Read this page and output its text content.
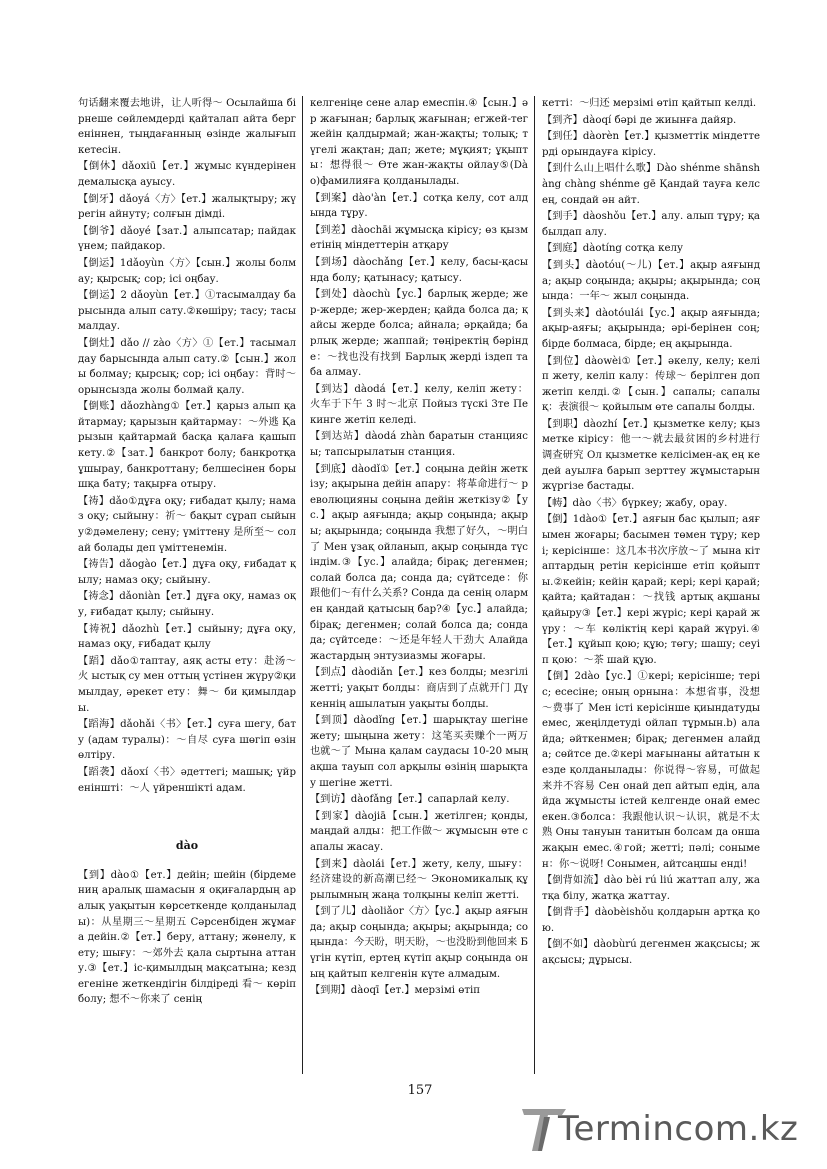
句话翻来覆去地讲，让人听得～ Осылайша бірнеше сөйлемдерді қайталап айта бергеніннен, тыңдағанның өзінде жалығып кетесін.
【倒休】dǎoxiū【ет.】жұмыс күндерінен демалысқа ауысу.
【倒牙】dǎoyá〈方〉【ет.】жалықтыру; жүрегін айнуту; солғын дімді.
【倒爷】dǎoyé【зат.】алыпсатар; пайдакүнем; пайдакор.
【倒运】1dǎoyùn〈方〉【сын.】жолы болмау; қырсық; сор; ісі оңбау.
【倒运】2 dǎoyùn【ет.】①тасымалдау барысында алып сату.②көшіру; тасу; тасымалдау.
【倒灶】dǎo // zào〈方〉①【ет.】тасымалдау барысында алып сату.②【сын.】жолы болмау; қырсық; сор; ісі оңбау：背时～ орынсызда жолы болмай қалу.
【倒账】dǎozhàng①【ет.】қарыз алып қайтармау; қарызын қайтармау：～外逃 Қарызын қайтармай басқа қалаға қашып кету.②【зат.】банкрот болу; банкротқа ұшырау, банкроттану; белшесінен борышқа бату; тақырға отыру.
【祷】dǎo①дұға оқу; ғибадат қылу; намаз оқу; сыйыну：祈～ бақыт сұрап сыйыну②дәмелену; сену; үміттену 是所至～ солай болады деп үміттенемін.
【祷告】dǎogào【ет.】дұға оқу, ғибадат қылу; намаз оқу; сыйыну.
【祷念】dǎoniàn【ет.】дұға оқу, намаз оқу, ғибадат қылу; сыйыну.
【祷祝】dǎozhù【ет.】сыйыну; дұға оқу, намаз оқу, ғибадат қылу
【蹈】dǎo①таптау, аяқ асты ету：赴汤～火 ыстық су мен оттың үстінен жүру②қимылдау, әрекет ету：舞～ би қимылдары.
【蹈海】dǎohǎi〈书〉【ет.】суға шегу, бату (адам туралы)：～自尽 суға шөгіп өзін өлтіру.
【蹈袭】dǎoxí〈书〉әдеттегі; машық; үйреніншті：～人 үйреншікті адам.
dào
【到】dào①【ет.】дейін; шейін (бірдемениң аралық шамасын я оқиғалардың аралық уақытын көрсеткенде қолданылады)：从星期三～星期五 Сәрсенбіден жұмаға дейін.②【ет.】беру, аттану; жөнелу, кету; шығу：～郊外去 қала сыртына аттану.③【ет.】іс-қимылдың мақсатына; кездегеніне жеткендігін білдіреді 看～ көріп болу; 想不～你来了 сенің
келгеніңе сене алар емеспін.④【сын.】әр жағынан; барлық жағынан; егжей-тегжейін қалдырмай; жан-жақты; толық; түгелі жақтан; дап; жете; мұқият; ұқыпты：想得很～ Өте жан-жақты ойлау⑤(Dào)фамилияға қолданылады.
【到案】dào'àn【ет.】сотқа келу, сот алдында тұру.
【到差】dàochāi жұмысқа кірісу; өз қызметінің міндеттерін атқару
【到场】dàochǎng【ет.】келу, басы-қасында болу; қатынасу; қатысу.
【到处】dàochù【ус.】барлық жерде; жер-жерде; жер-жерден; қайда болса да; қайсы жерде болса; айнала; әрқайда; барлық жерде; жаппай; төңіректің бәрінде：～找也没有找到 Барлық жерді іздеп таба алмау.
【到达】dàodá【ет.】келу, келіп жету：火车于下午 3 时～北京 Пойыз түскі 3те Пекинге жетіп келеді.
【到达站】dàodá zhàn баратын станциясы; тапсырылатын станция.
【到底】dàodǐ①【ет.】соңына дейін жеткізу; ақырына дейін апару：将革命进行～ революцияны соңына дейін жеткізу②【ус.】ақыр аяғында; ақыр соңында; ақыры; ақырында; соңында 我想了好久，～明白了 Мен ұзақ ойланып, ақыр соңында түсіндім.③【ус.】алайда; бірақ; дегенмен; солай болса да; сонда да; сүйтседе：你跟他们～有什么关系? Сонда да сенің олармен қандай қатысың бар?④【ус.】алайда; бірақ; дегенмен; солай болса да; сонда да; сүйтседе：～还是年轻人干劲大 Алайда жастардың энтузиазмы жоғары.
【到点】dàodiǎn【ет.】кез болды; мезгілі жетті; уақыт болды：商店到了点就开门 Дүкеннің ашылатын уақыты болды.
【到顶】dàodǐng【ет.】шарықтау шегіне жету; шыңына жету：这笔买卖赚个一两万也就～了 Мына қалам саудасы 10-20 мың ақша тауып сол арқылы өзінің шарықтау шегіне жетті.
【到访】dàofǎng【ет.】сапарлай келу.
【到家】dàojiā【сын.】жетілген; қонды, маңдай алды：把工作做～ жұмысын өте сапалы жасау.
【到来】dàolái【ет.】жету, келу, шығу：经济建设的新高潮已经～ Экономикалық құрылымның жаңа толқыны келіп жетті.
【到了儿】dàoliǎor〈方〉【ус.】ақыр аяғында; ақыр соңында; ақыры; ақырында; соңында：今天盼，明天盼，～也没盼到他回来 Бүгін күтіп, ертең күтіп ақыр соңында оның қайтып келгенін күте алмадым.
【到期】dàoqī【ет.】мерзімі өтіп
кетті：～归还 мерзімі өтіп қайтып келді.
【到齐】dàoqí бәрі де жиынға дайяр.
【到任】dàorèn【ет.】қызметтік міндеттерді орындауға кірісу.
【到什么山上唱什么歌】Dào shénme shānshàng chàng shénme gē Қандай тауға келсең, сондай ән айт.
【到手】dàoshǒu【ет.】алу. алып тұру; қабылдап алу.
【到庭】dàotíng сотқа келу
【到头】dàotóu(～儿)【ет.】ақыр аяғында; ақыр соңында; ақыры; ақырында; соңында：一年～ жыл соңында.
【到头来】dàotóulái【ус.】ақыр аяғында; ақыр-аяғы; ақырында; әрі-берінен соң; бірде болмаса, бірде; ең ақырында.
【到位】dàowèi①【ет.】әкелу, келу; келіп жету, келіп калу：传球～ берілген доп жетіп келді.②【сын.】сапалы; сапалық：表演很～ қойылым өте сапалы болды.
【到职】dàozhí【ет.】қызметке келу; қызметке кірісу：他一～就去最贫困的乡村进行调查研究 Ол қызметке келісімен-ақ ең кедей ауылға барып зерттеу жұмыстарын жүргізе бастады.
【帱】dào〈书〉бүркеу; жабу, орау.
【倒】1dào①【ет.】аяғын бас қылып; аяғымен жоғары; басымен төмен тұру; кері; керісінше：这几本书次序放～了 мына кітаптардың ретін керісінше етіп қойыпты.②кейін; кейін қарай; кері; кері қарай; қайта; қайтадан：～找钱 артық ақшаны қайыру③【ет.】кері жүріс; кері қарай жүру：～车 көліктің кері қарай жүруі.④【ет.】құйып қою; құю; төгу; шашу; сеуіп қою：～茶 шай құю.
【倒】2dào【ус.】①кері; керісінше; теріс; есесіне; оның орнына：本想省事，没想～费事了 Мен істі керісінше қиындатуды емес, жеңілдетуді ойлап тұрмын.b) алайда; әйткенмен; бірақ; дегенмен алайда; сөйтсе де.②кері мағынаны айтатын кезде қолданылады：你说得～容易，可做起来并不容易 Сен онай деп айтып едің, алайда жұмысты істей келгенде онай емес екен.③болса：我跟他认识～认识，就是不太熟 Оны тануын танитын болсам да онша жақын емес.④гой; жетті; пәлі; сонымен：你～说呀! Сонымен, айтсаңшы енді!
【倒背如流】dào bèi rú liú жаттап алу, жатқа білу, жатқа жаттау.
【倒背手】dàobèishǒu қолдарын артқа қою.
【倒不如】dàobùrú дегенмен жақсысы; жақсысы; дұрысы.
157
Termincom.kz
